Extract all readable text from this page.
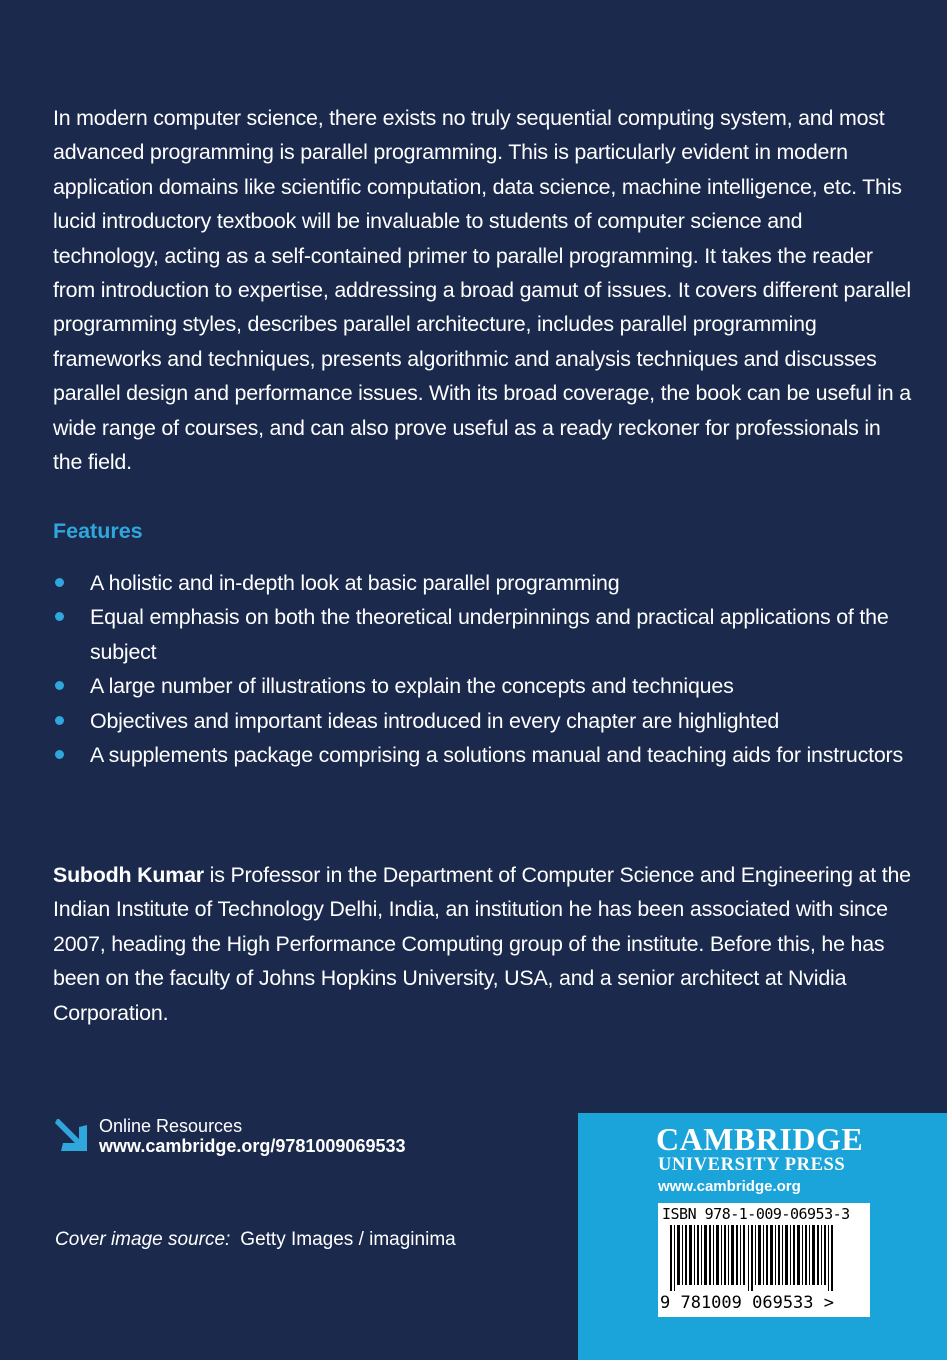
In modern computer science, there exists no truly sequential computing system, and most advanced programming is parallel programming. This is particularly evident in modern application domains like scientific computation, data science, machine intelligence, etc. This lucid introductory textbook will be invaluable to students of computer science and technology, acting as a self-contained primer to parallel programming. It takes the reader from introduction to expertise, addressing a broad gamut of issues. It covers different parallel programming styles, describes parallel architecture, includes parallel programming frameworks and techniques, presents algorithmic and analysis techniques and discusses parallel design and performance issues. With its broad coverage, the book can be useful in a wide range of courses, and can also prove useful as a ready reckoner for professionals in the field.

Features
A holistic and in-depth look at basic parallel programming
Equal emphasis on both the theoretical underpinnings and practical applications of the subject
A large number of illustrations to explain the concepts and techniques
Objectives and important ideas introduced in every chapter are highlighted
A supplements package comprising a solutions manual and teaching aids for instructors

Subodh Kumar is Professor in the Department of Computer Science and Engineering at the Indian Institute of Technology Delhi, India, an institution he has been associated with since 2007, heading the High Performance Computing group of the institute. Before this, he has been on the faculty of Johns Hopkins University, USA, and a senior architect at Nvidia Corporation.

Online Resources
www.cambridge.org/9781009069533
Cover image source: Getty Images / imaginima
CAMBRIDGE
UNIVERSITY PRESS
www.cambridge.org
ISBN 978-1-009-06953-3
9 781009 069533 >
